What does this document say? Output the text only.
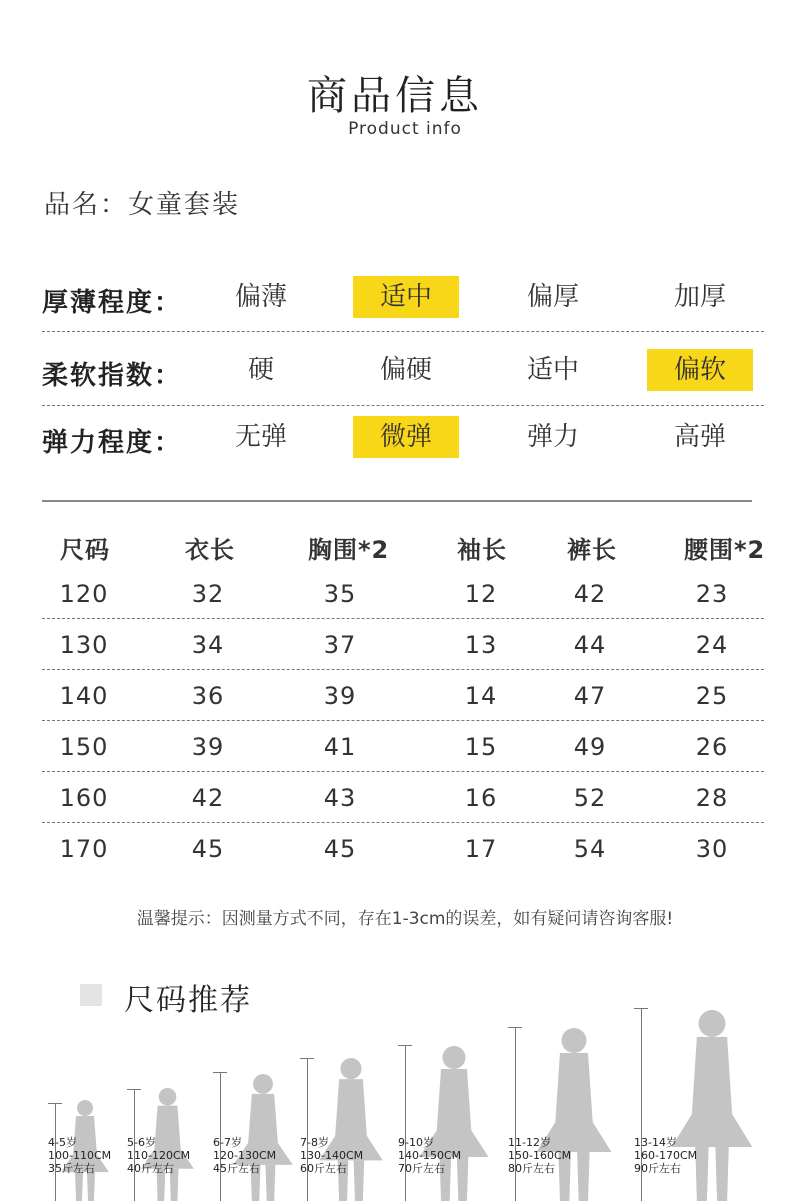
商品信息
Product info
品名：女童套装
厚薄程度：	偏薄	适中	偏厚	加厚
柔软指数：	硬	偏硬	适中	偏软
弹力程度：	无弹	微弹	弹力	高弹
尺码	衣长	胸围*2	袖长	裤长	腰围*2
120	32	35	12	42	23
130	34	37	13	44	24
140	36	39	14	47	25
150	39	41	15	49	26
160	42	43	16	52	28
170	45	45	17	54	30
温馨提示：因测量方式不同，存在1-3cm的误差，如有疑问请咨询客服!
尺码推荐
4-5岁
100-110CM
35斤左右
5-6岁
110-120CM
40斤左右
6-7岁
120-130CM
45斤左右
7-8岁
130-140CM
60斤左右
9-10岁
140-150CM
70斤左右
11-12岁
150-160CM
80斤左右
13-14岁
160-170CM
90斤左右
